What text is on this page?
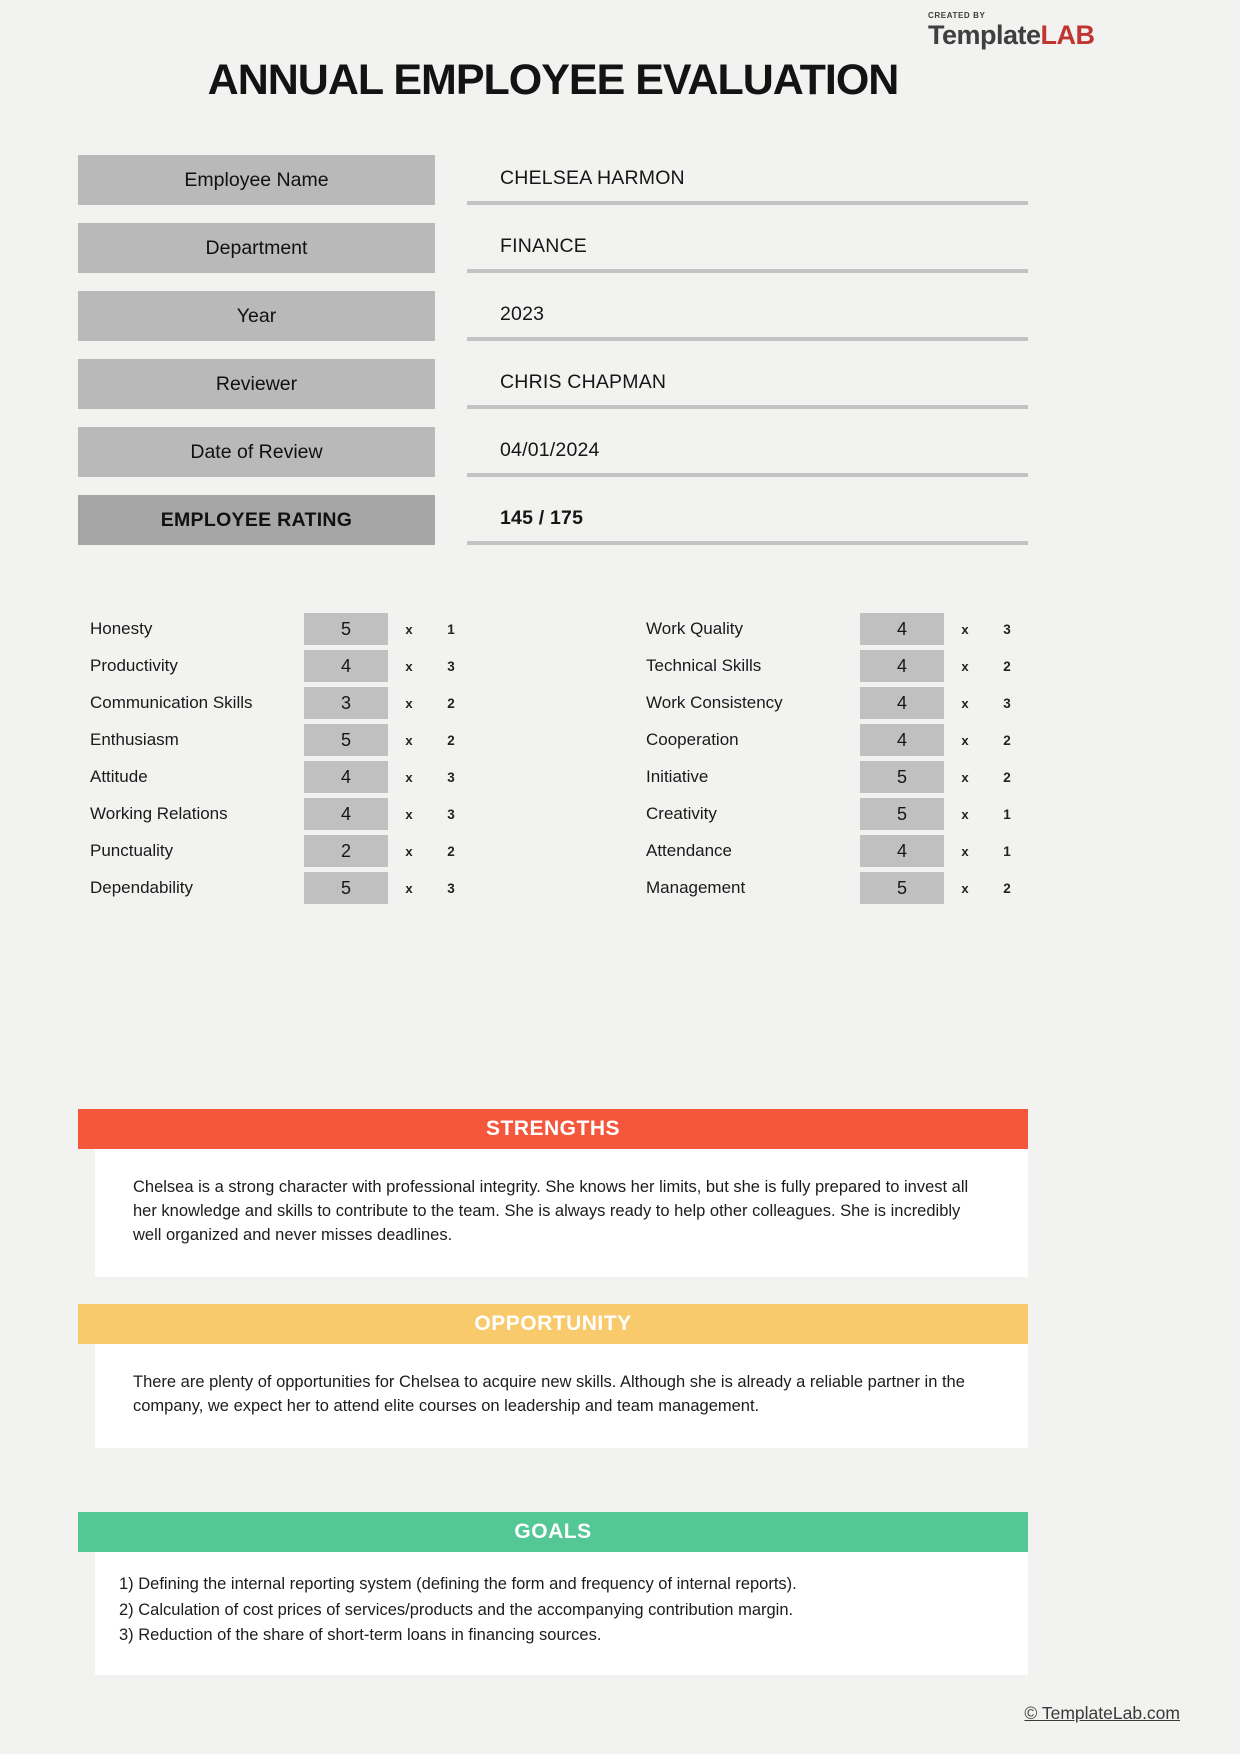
CREATED BY
TemplateLAB
ANNUAL EMPLOYEE EVALUATION
Employee Name	CHELSEA HARMON
Department	FINANCE
Year	2023
Reviewer	CHRIS CHAPMAN
Date of Review	04/01/2024
EMPLOYEE RATING	145 / 175
Honesty	5	x	1
Productivity	4	x	3
Communication Skills	3	x	2
Enthusiasm	5	x	2
Attitude	4	x	3
Working Relations	4	x	3
Punctuality	2	x	2
Dependability	5	x	3
Work Quality	4	x	3
Technical Skills	4	x	2
Work Consistency	4	x	3
Cooperation	4	x	2
Initiative	5	x	2
Creativity	5	x	1
Attendance	4	x	1
Management	5	x	2
STRENGTHS
Chelsea is a strong character with professional integrity. She knows her limits, but she is fully prepared to invest all
her knowledge and skills to contribute to the team. She is always ready to help other colleagues. She is incredibly
well organized and never misses deadlines.
OPPORTUNITY
There are plenty of opportunities for Chelsea to acquire new skills. Although she is already a reliable partner in the
company, we expect her to attend elite courses on leadership and team management.
GOALS
1) Defining the internal reporting system (defining the form and frequency of internal reports).
2) Calculation of cost prices of services/products and the accompanying contribution margin.
3) Reduction of the share of short-term loans in financing sources.
© TemplateLab.com
